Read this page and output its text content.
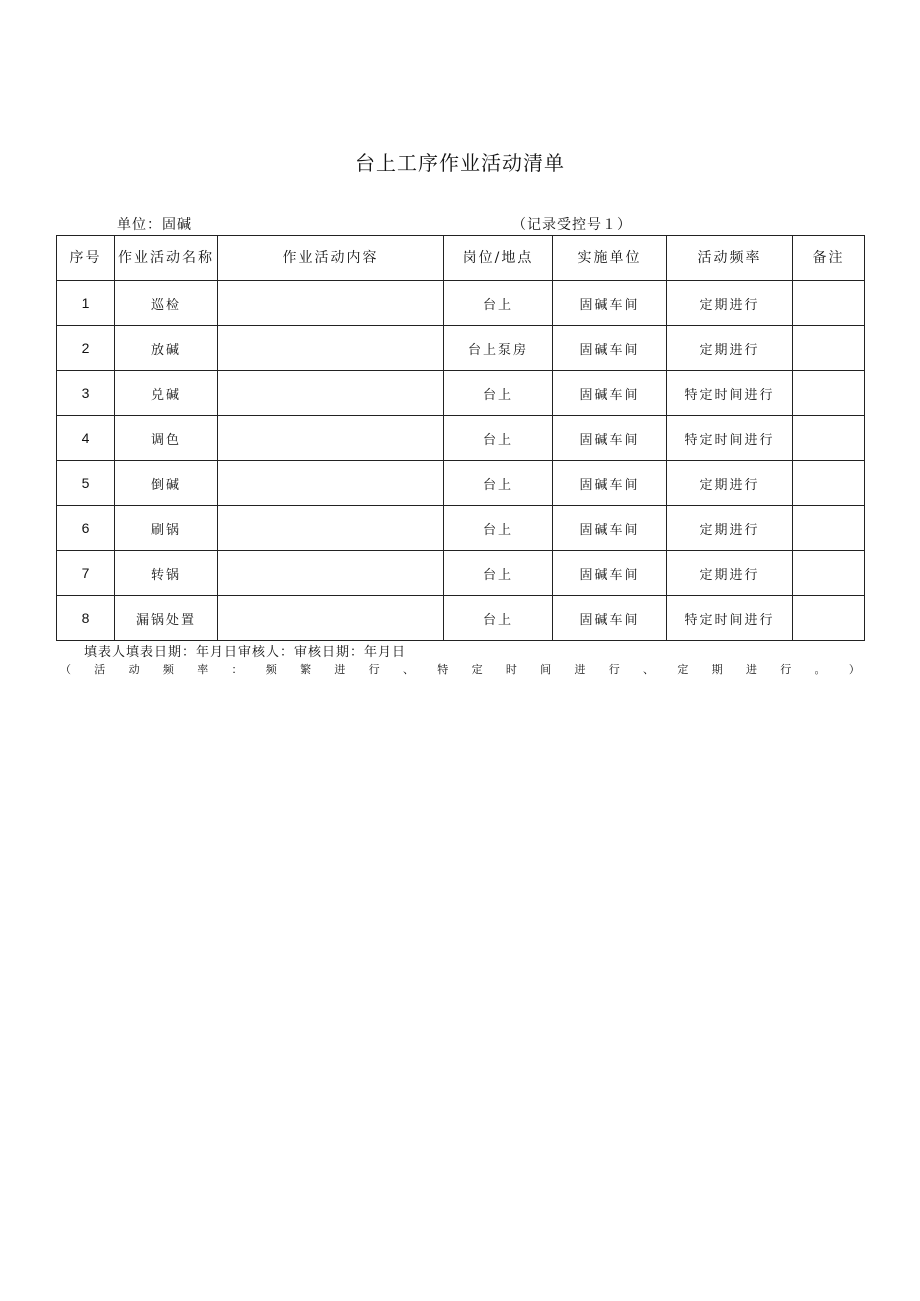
台上工序作业活动清单
单位：固碱	（记录受控号１）
序号	作业活动名称	作业活动内容	岗位/地点	实施单位	活动频率	备注
1	巡检		台上	固碱车间	定期进行	
2	放碱		台上泵房	固碱车间	定期进行	
3	兑碱		台上	固碱车间	特定时间进行	
4	调色		台上	固碱车间	特定时间进行	
5	倒碱		台上	固碱车间	定期进行	
6	刷锅		台上	固碱车间	定期进行	
7	转锅		台上	固碱车间	定期进行	
8	漏锅处置		台上	固碱车间	特定时间进行	
填表人填表日期：年月日审核人：审核日期：年月日
（ 活 动 频 率 ： 频 繁 进 行 、 特 定 时 间 进 行 、 定 期 进 行 。 ）
